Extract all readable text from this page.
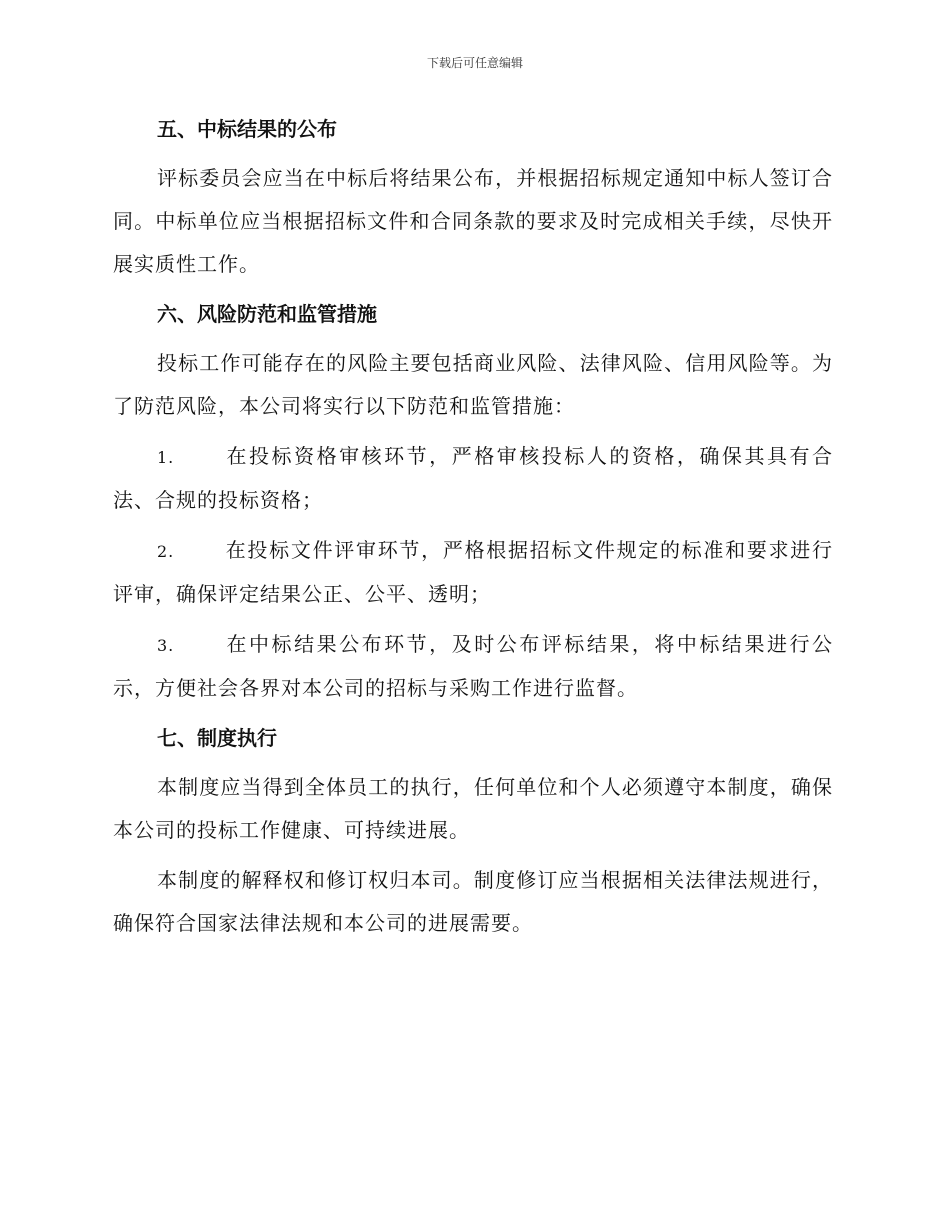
下载后可任意编辑
五、中标结果的公布

评标委员会应当在中标后将结果公布，并根据招标规定通知中标人签订合同。中标单位应当根据招标文件和合同条款的要求及时完成相关手续，尽快开展实质性工作。

六、风险防范和监管措施

投标工作可能存在的风险主要包括商业风险、法律风险、信用风险等。为了防范风险，本公司将实行以下防范和监管措施：

1.	在投标资格审核环节，严格审核投标人的资格，确保其具有合法、合规的投标资格；

2.	在投标文件评审环节，严格根据招标文件规定的标准和要求进行评审，确保评定结果公正、公平、透明；

3.	在中标结果公布环节，及时公布评标结果，将中标结果进行公示，方便社会各界对本公司的招标与采购工作进行监督。

七、制度执行

本制度应当得到全体员工的执行，任何单位和个人必须遵守本制度，确保本公司的投标工作健康、可持续进展。

本制度的解释权和修订权归本司。制度修订应当根据相关法律法规进行，确保符合国家法律法规和本公司的进展需要。
